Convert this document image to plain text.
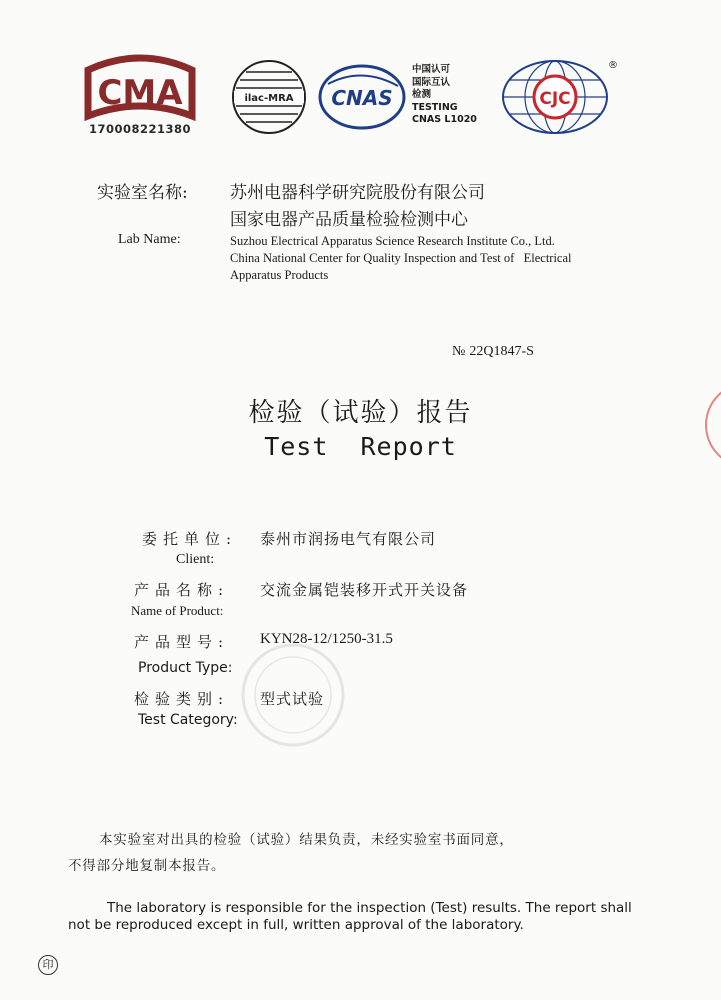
CMA
170008221380
ilac-MRA CNAS
中国认可
国际互认
检测
TESTING
CNAS L1020
CJC
®
实验室名称: 苏州电器科学研究院股份有限公司
国家电器产品质量检验检测中心
Lab Name:	Suzhou Electrical Apparatus Science Research Institute Co., Ltd.
China National Center for Quality Inspection and Test of   Electrical
Apparatus Products
№ 22Q1847-S
检验（试验）报告
Test  Report
委托单位: 泰州市润扬电气有限公司
Client:
产品名称: 交流金属铠装移开式开关设备
Name of Product:
产品型号: KYN28-12/1250-31.5
Product Type:
检验类别: 型式试验
Test Category:
本实验室对出具的检验（试验）结果负责，未经实验室书面同意，
不得部分地复制本报告。
The laboratory is responsible for the inspection (Test) results. The report shall
not be reproduced except in full, written approval of the laboratory.
印
